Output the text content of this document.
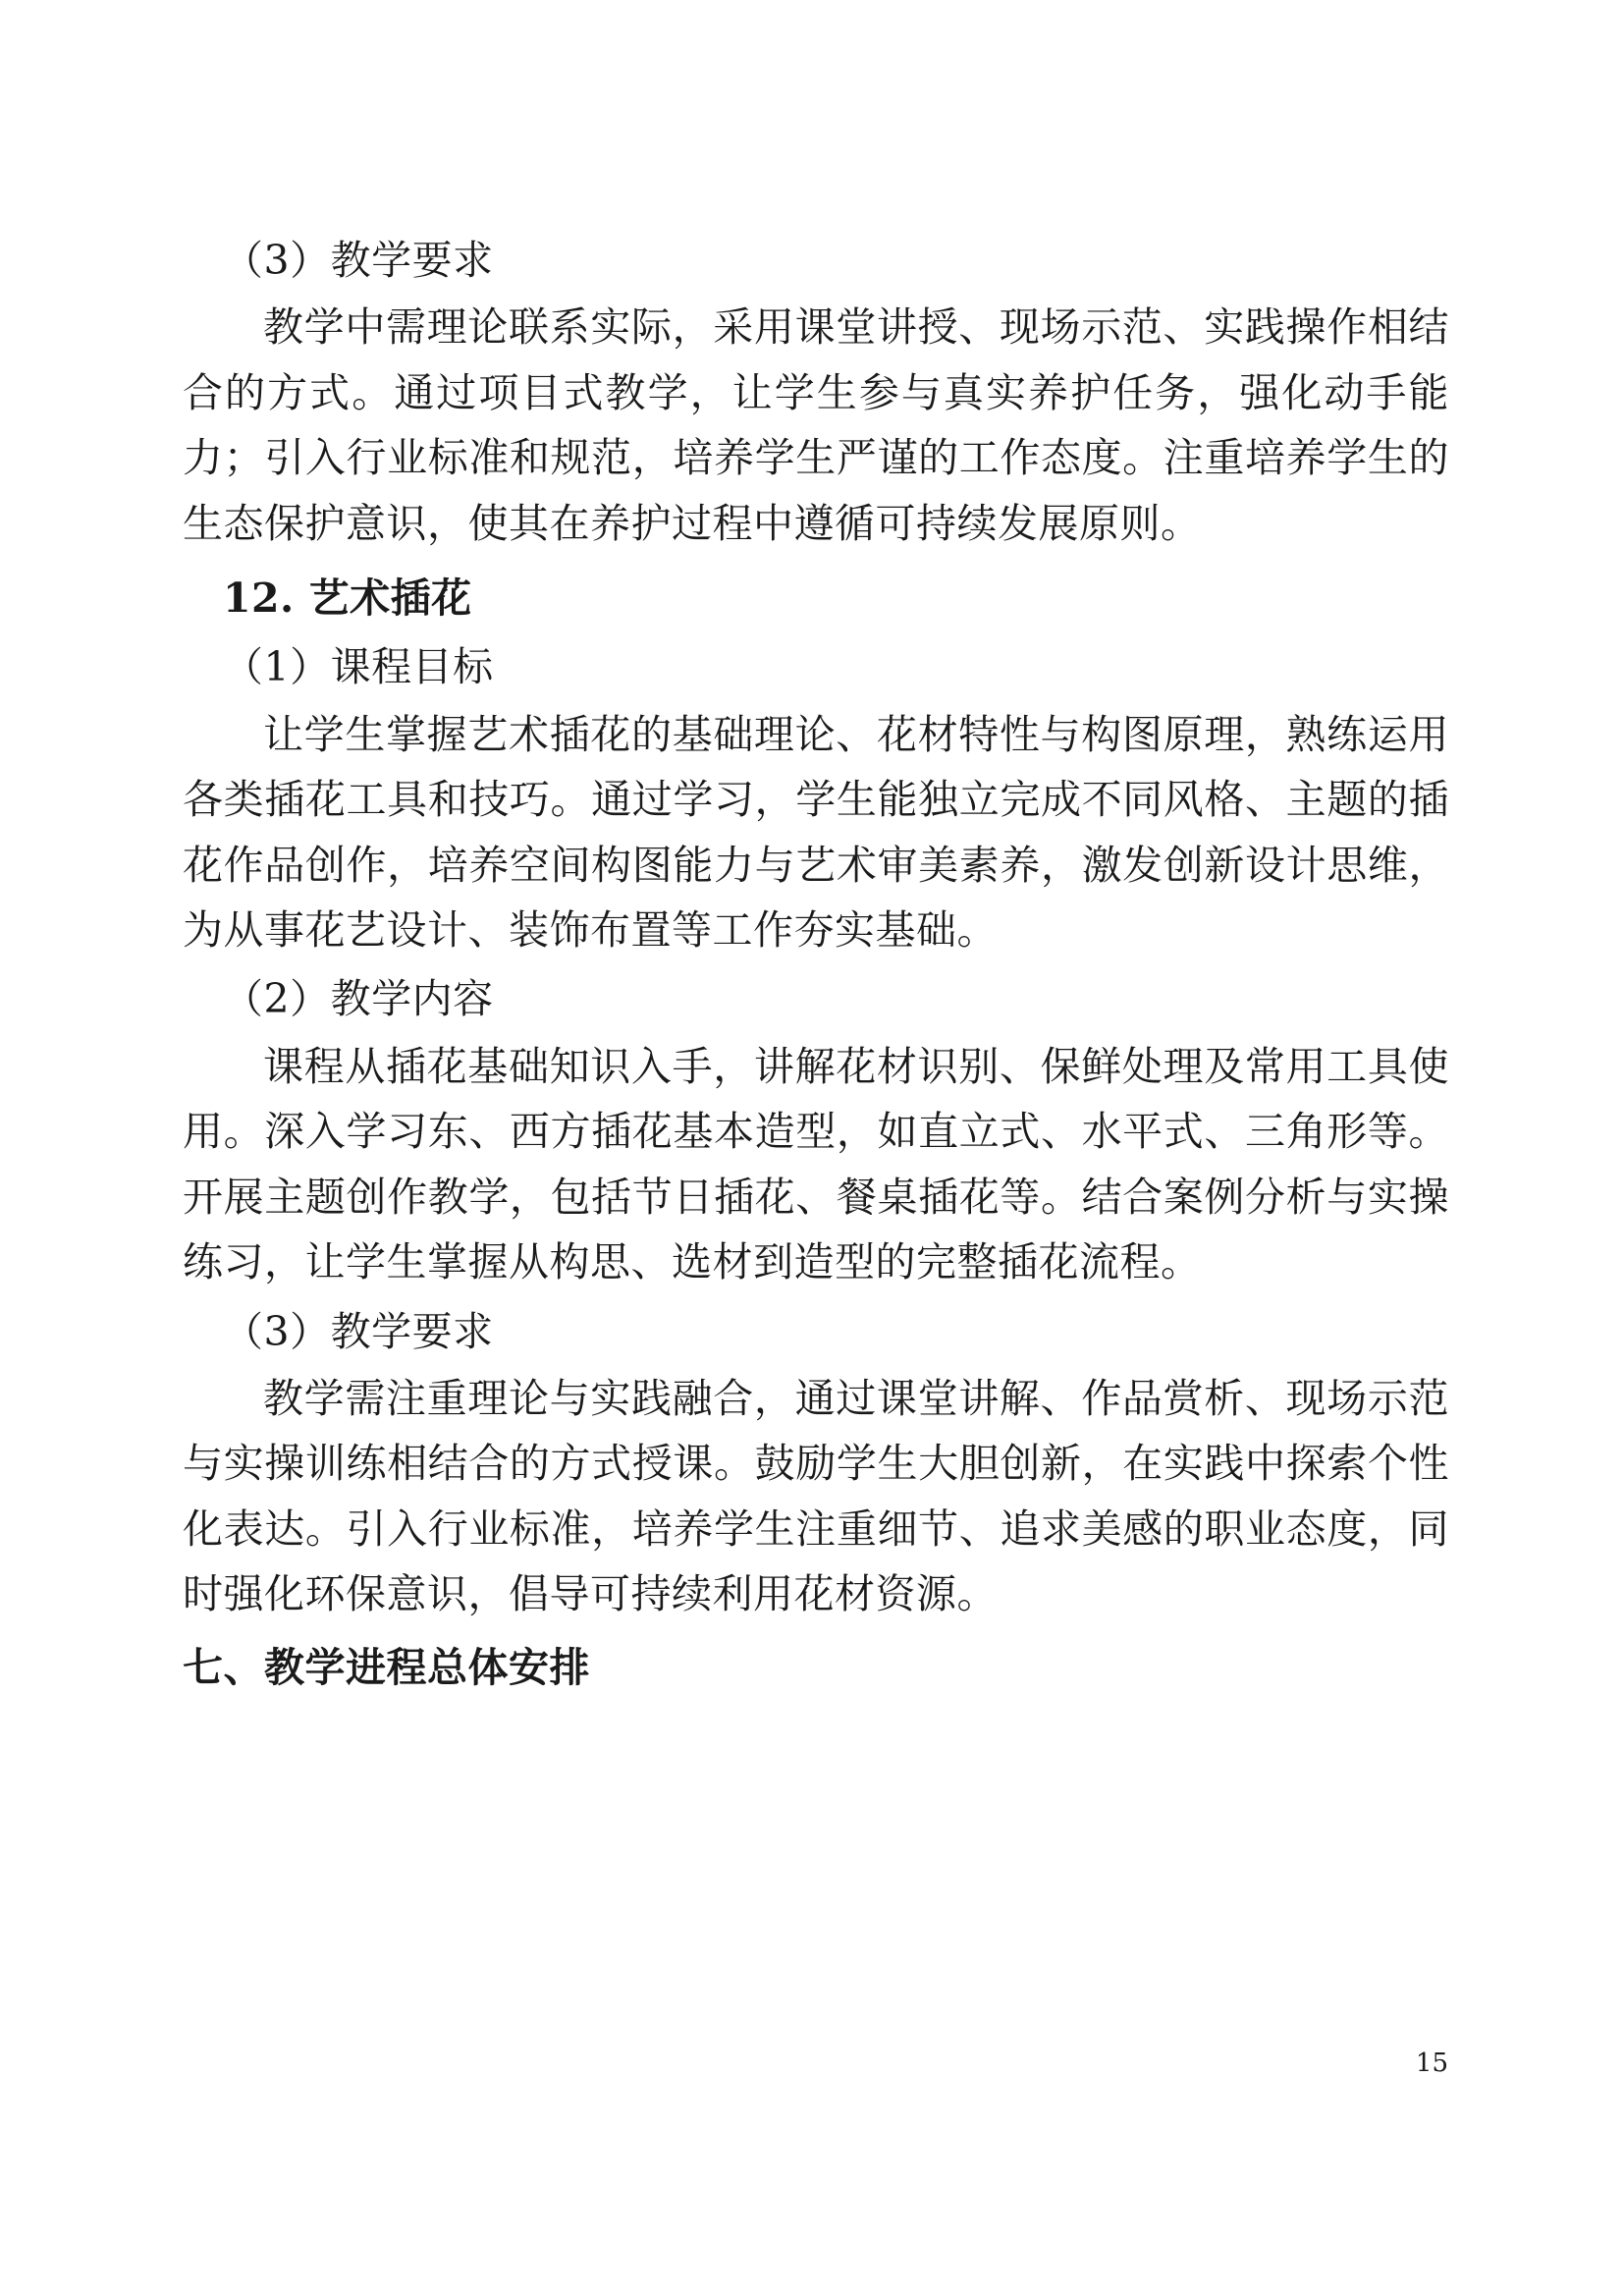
（3）教学要求

教学中需理论联系实际，采用课堂讲授、现场示范、实践操作相结合的方式。通过项目式教学，让学生参与真实养护任务，强化动手能力；引入行业标准和规范，培养学生严谨的工作态度。注重培养学生的生态保护意识，使其在养护过程中遵循可持续发展原则。

12. 艺术插花

（1）课程目标

让学生掌握艺术插花的基础理论、花材特性与构图原理，熟练运用各类插花工具和技巧。通过学习，学生能独立完成不同风格、主题的插花作品创作，培养空间构图能力与艺术审美素养，激发创新设计思维，为从事花艺设计、装饰布置等工作夯实基础。

（2）教学内容

课程从插花基础知识入手，讲解花材识别、保鲜处理及常用工具使用。深入学习东、西方插花基本造型，如直立式、水平式、三角形等。开展主题创作教学，包括节日插花、餐桌插花等。结合案例分析与实操练习，让学生掌握从构思、选材到造型的完整插花流程。

（3）教学要求

教学需注重理论与实践融合，通过课堂讲解、作品赏析、现场示范与实操训练相结合的方式授课。鼓励学生大胆创新，在实践中探索个性化表达。引入行业标准，培养学生注重细节、追求美感的职业态度，同时强化环保意识，倡导可持续利用花材资源。

七、教学进程总体安排

15
